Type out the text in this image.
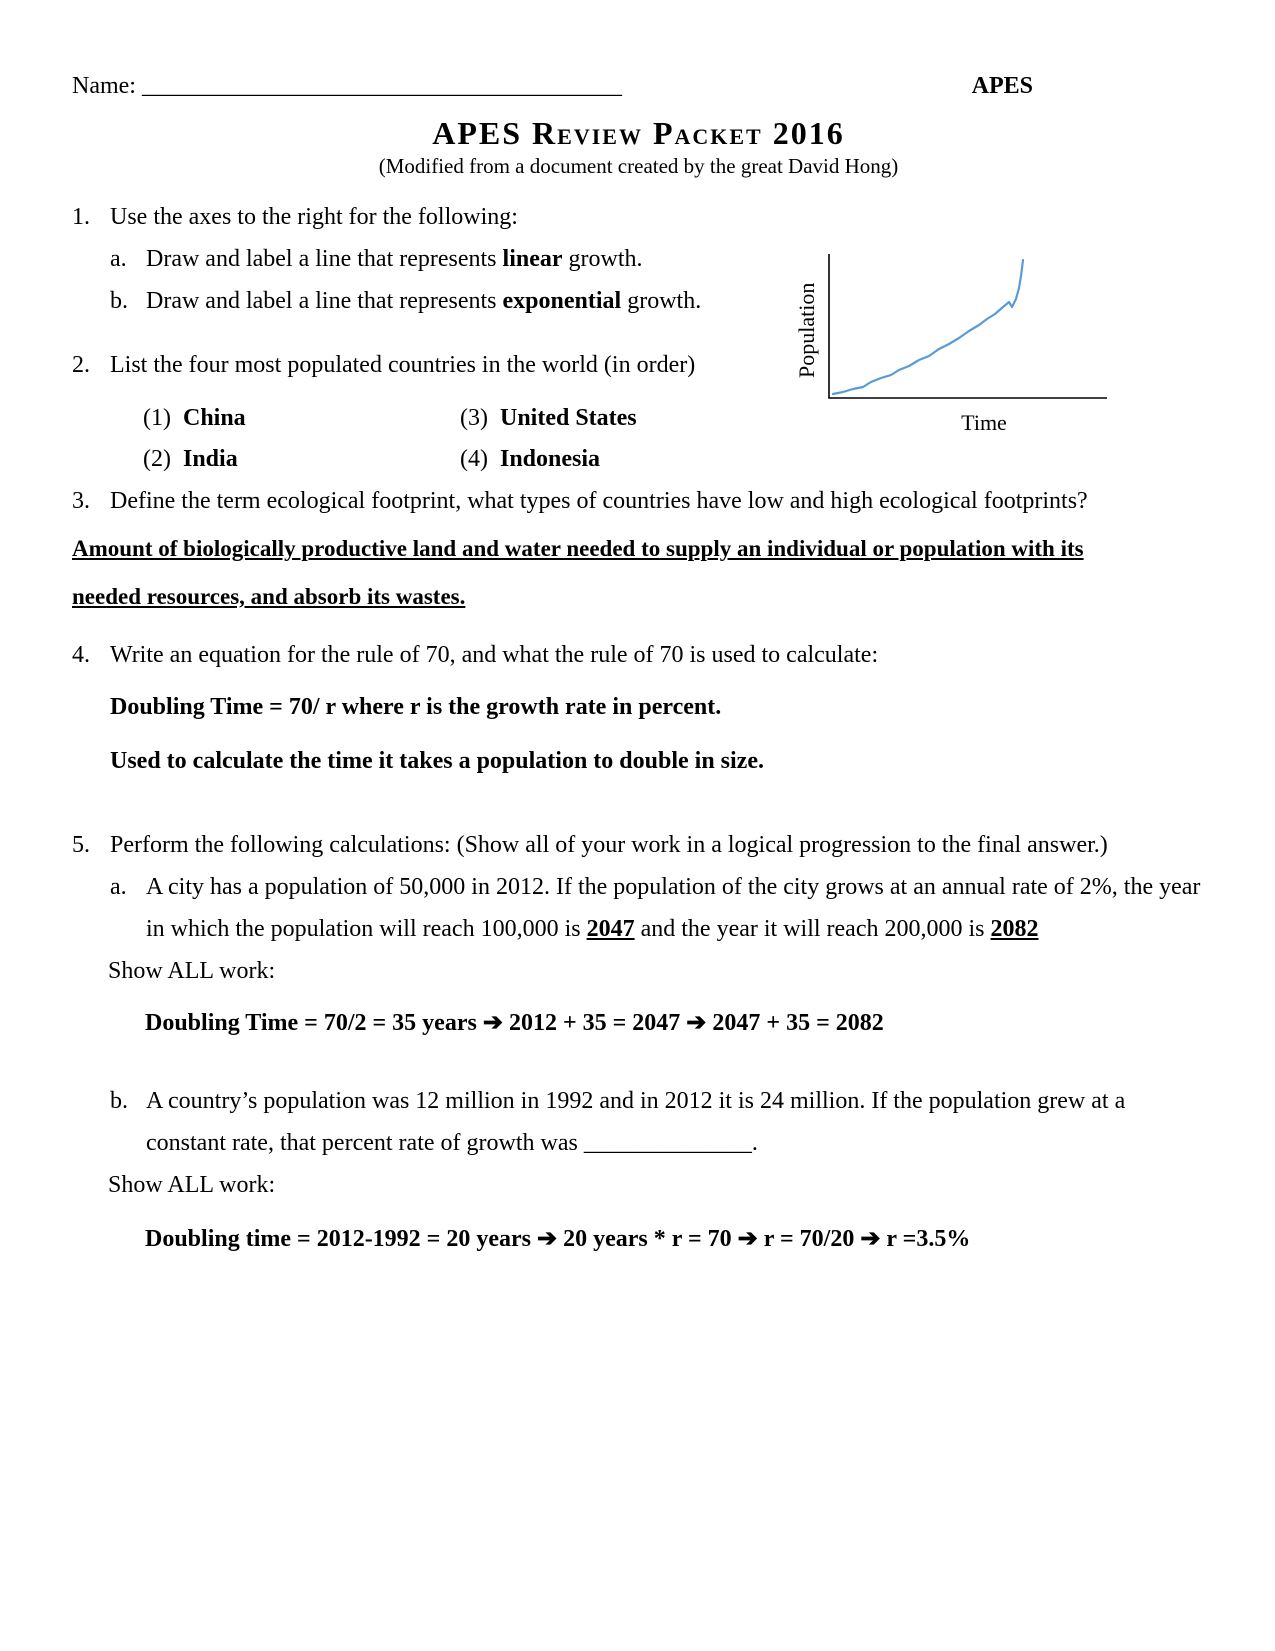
Name: ________________________________________	APES
APES Review Packet 2016
(Modified from a document created by the great David Hong)
Population
Time
1. Use the axes to the right for the following:
a. Draw and label a line that represents linear growth.
b. Draw and label a line that represents exponential growth.
2. List the four most populated countries in the world (in order)
(1) China	(3) United States
(2) India	(4) Indonesia
3. Define the term ecological footprint, what types of countries have low and high ecological footprints?
Amount of biologically productive land and water needed to supply an individual or population with its
needed resources, and absorb its wastes.
4. Write an equation for the rule of 70, and what the rule of 70 is used to calculate:
Doubling Time = 70/ r where r is the growth rate in percent.
Used to calculate the time it takes a population to double in size.
5. Perform the following calculations: (Show all of your work in a logical progression to the final answer.)
a. A city has a population of 50,000 in 2012. If the population of the city grows at an annual rate of 2%, the year in which the population will reach 100,000 is 2047 and the year it will reach 200,000 is 2082
Show ALL work:
Doubling Time = 70/2 = 35 years ➔ 2012 + 35 = 2047 ➔ 2047 + 35 = 2082
b. A country’s population was 12 million in 1992 and in 2012 it is 24 million. If the population grew at a constant rate, that percent rate of growth was ______________.
Show ALL work:
Doubling time = 2012-1992 = 20 years ➔ 20 years * r = 70 ➔ r = 70/20 ➔ r =3.5%
